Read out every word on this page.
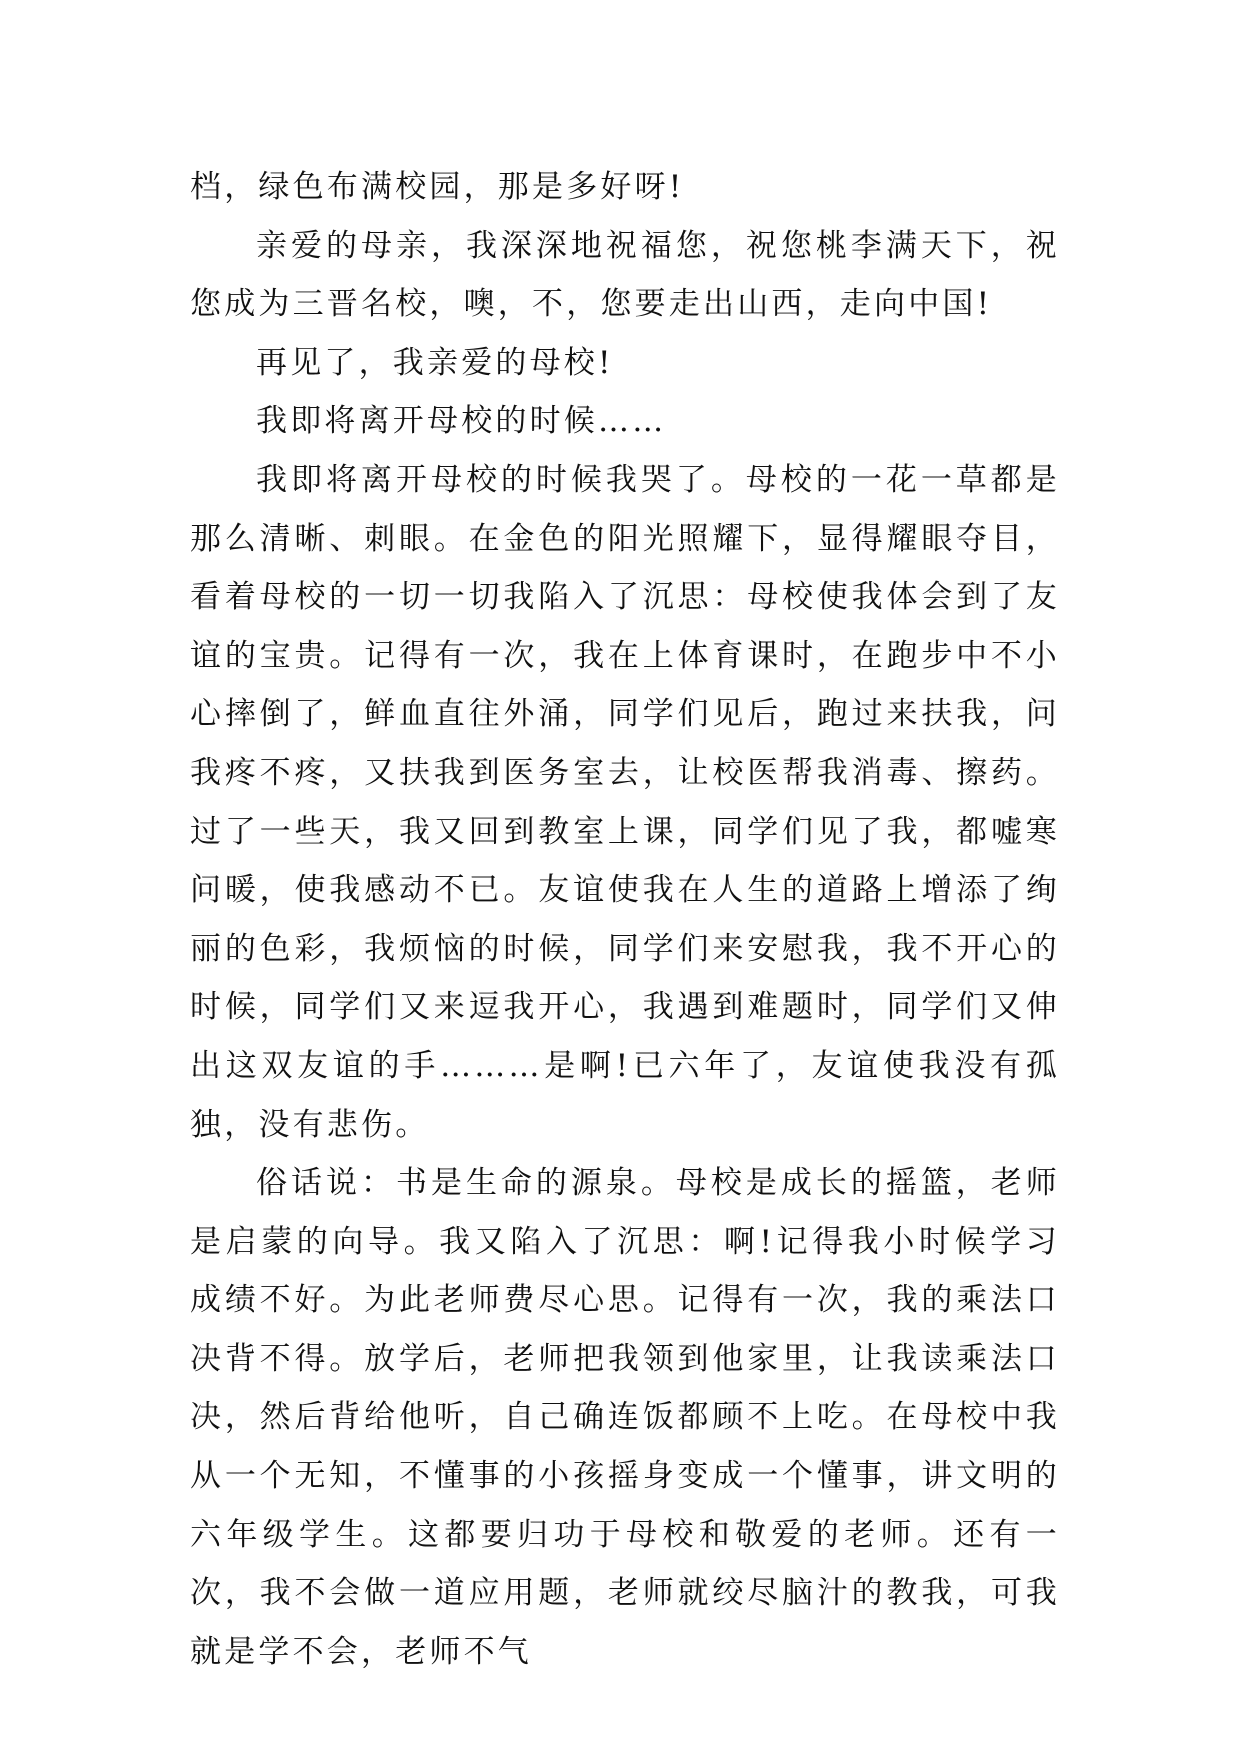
档，绿色布满校园，那是多好呀!

亲爱的母亲，我深深地祝福您，祝您桃李满天下，祝您成为三晋名校，噢，不，您要走出山西，走向中国!

再见了，我亲爱的母校!

我即将离开母校的时候……

我即将离开母校的时候我哭了。母校的一花一草都是那么清晰、刺眼。在金色的阳光照耀下，显得耀眼夺目，看着母校的一切一切我陷入了沉思：母校使我体会到了友谊的宝贵。记得有一次，我在上体育课时，在跑步中不小心摔倒了，鲜血直往外涌，同学们见后，跑过来扶我，问我疼不疼，又扶我到医务室去，让校医帮我消毒、擦药。过了一些天，我又回到教室上课，同学们见了我，都嘘寒问暖，使我感动不已。友谊使我在人生的道路上增添了绚丽的色彩，我烦恼的时候，同学们来安慰我，我不开心的时候，同学们又来逗我开心，我遇到难题时，同学们又伸出这双友谊的手………是啊!已六年了，友谊使我没有孤独，没有悲伤。

俗话说：书是生命的源泉。母校是成长的摇篮，老师是启蒙的向导。我又陷入了沉思：啊!记得我小时候学习成绩不好。为此老师费尽心思。记得有一次，我的乘法口决背不得。放学后，老师把我领到他家里，让我读乘法口决，然后背给他听，自己确连饭都顾不上吃。在母校中我从一个无知，不懂事的小孩摇身变成一个懂事，讲文明的六年级学生。这都要归功于母校和敬爱的老师。还有一次，我不会做一道应用题，老师就绞尽脑汁的教我，可我就是学不会，老师不气
